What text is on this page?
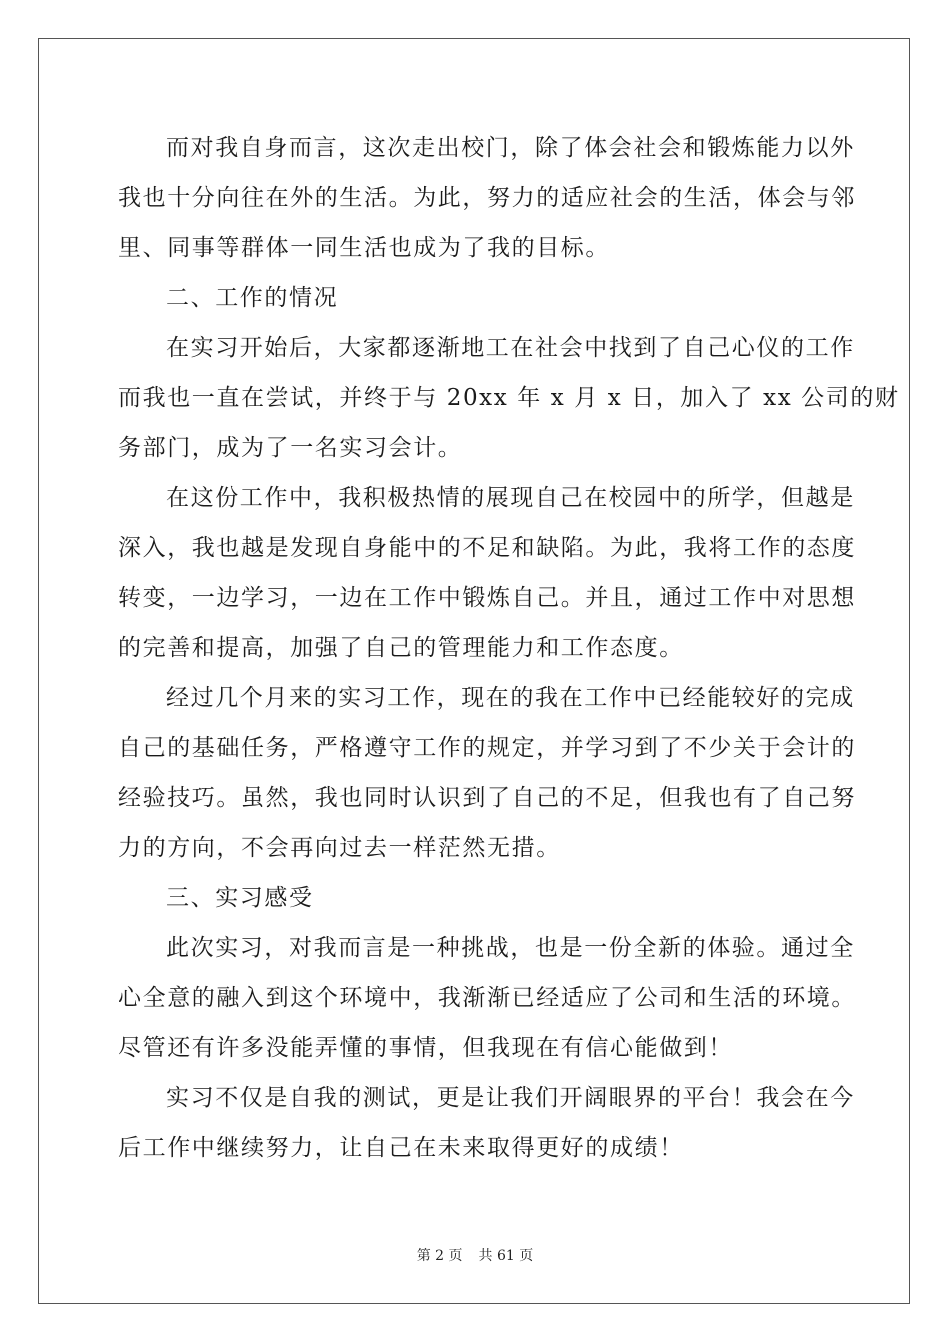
而对我自身而言，这次走出校门，除了体会社会和锻炼能力以外
我也十分向往在外的生活。为此，努力的适应社会的生活，体会与邻
里、同事等群体一同生活也成为了我的目标。
二、工作的情况
在实习开始后，大家都逐渐地工在社会中找到了自己心仪的工作
而我也一直在尝试，并终于与 20xx 年 x 月 x 日，加入了 xx 公司的财
务部门，成为了一名实习会计。
在这份工作中，我积极热情的展现自己在校园中的所学，但越是
深入，我也越是发现自身能中的不足和缺陷。为此，我将工作的态度
转变，一边学习，一边在工作中锻炼自己。并且，通过工作中对思想
的完善和提高，加强了自己的管理能力和工作态度。
经过几个月来的实习工作，现在的我在工作中已经能较好的完成
自己的基础任务，严格遵守工作的规定，并学习到了不少关于会计的
经验技巧。虽然，我也同时认识到了自己的不足，但我也有了自己努
力的方向，不会再向过去一样茫然无措。
三、实习感受
此次实习，对我而言是一种挑战，也是一份全新的体验。通过全
心全意的融入到这个环境中，我渐渐已经适应了公司和生活的环境。
尽管还有许多没能弄懂的事情，但我现在有信心能做到！
实习不仅是自我的测试，更是让我们开阔眼界的平台！我会在今
后工作中继续努力，让自己在未来取得更好的成绩！
第 2 页 共 61 页
